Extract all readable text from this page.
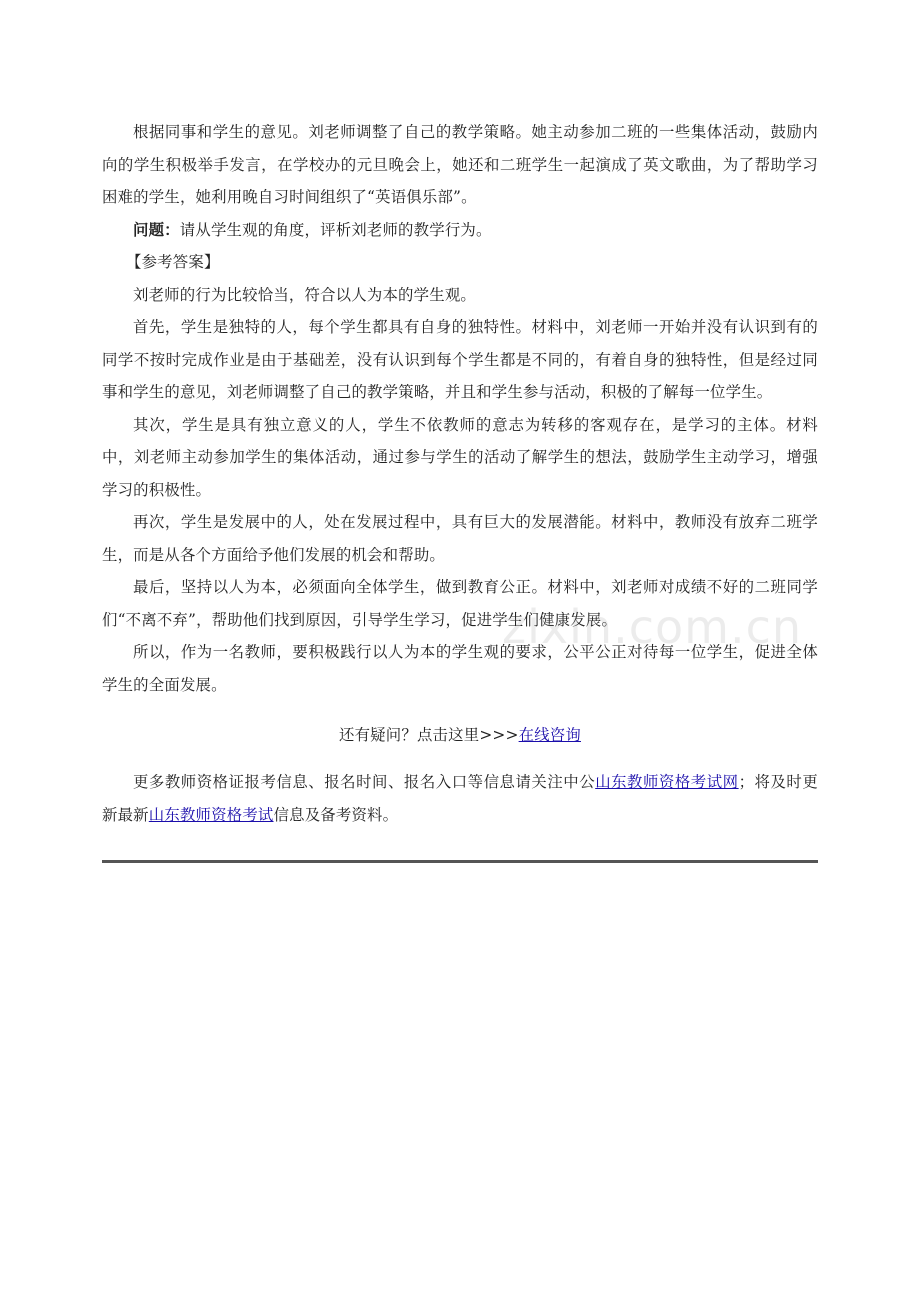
根据同事和学生的意见。刘老师调整了自己的教学策略。她主动参加二班的一些集体活动，鼓励内向的学生积极举手发言，在学校办的元旦晚会上，她还和二班学生一起演成了英文歌曲，为了帮助学习困难的学生，她利用晚自习时间组织了“英语俱乐部”。

问题：请从学生观的角度，评析刘老师的教学行为。

【参考答案】

刘老师的行为比较恰当，符合以人为本的学生观。

首先，学生是独特的人，每个学生都具有自身的独特性。材料中，刘老师一开始并没有认识到有的同学不按时完成作业是由于基础差，没有认识到每个学生都是不同的，有着自身的独特性，但是经过同事和学生的意见，刘老师调整了自己的教学策略，并且和学生参与活动，积极的了解每一位学生。

其次，学生是具有独立意义的人，学生不依教师的意志为转移的客观存在，是学习的主体。材料中，刘老师主动参加学生的集体活动，通过参与学生的活动了解学生的想法，鼓励学生主动学习，增强学习的积极性。

再次，学生是发展中的人，处在发展过程中，具有巨大的发展潜能。材料中，教师没有放弃二班学生，而是从各个方面给予他们发展的机会和帮助。

最后，坚持以人为本，必须面向全体学生，做到教育公正。材料中，刘老师对成绩不好的二班同学们“不离不弃”，帮助他们找到原因，引导学生学习，促进学生们健康发展。

所以，作为一名教师，要积极践行以人为本的学生观的要求，公平公正对待每一位学生，促进全体学生的全面发展。

还有疑问？点击这里>>>在线咨询

更多教师资格证报考信息、报名时间、报名入口等信息请关注中公山东教师资格考试网；将及时更新最新山东教师资格考试信息及备考资料。

zixin.com.cn
